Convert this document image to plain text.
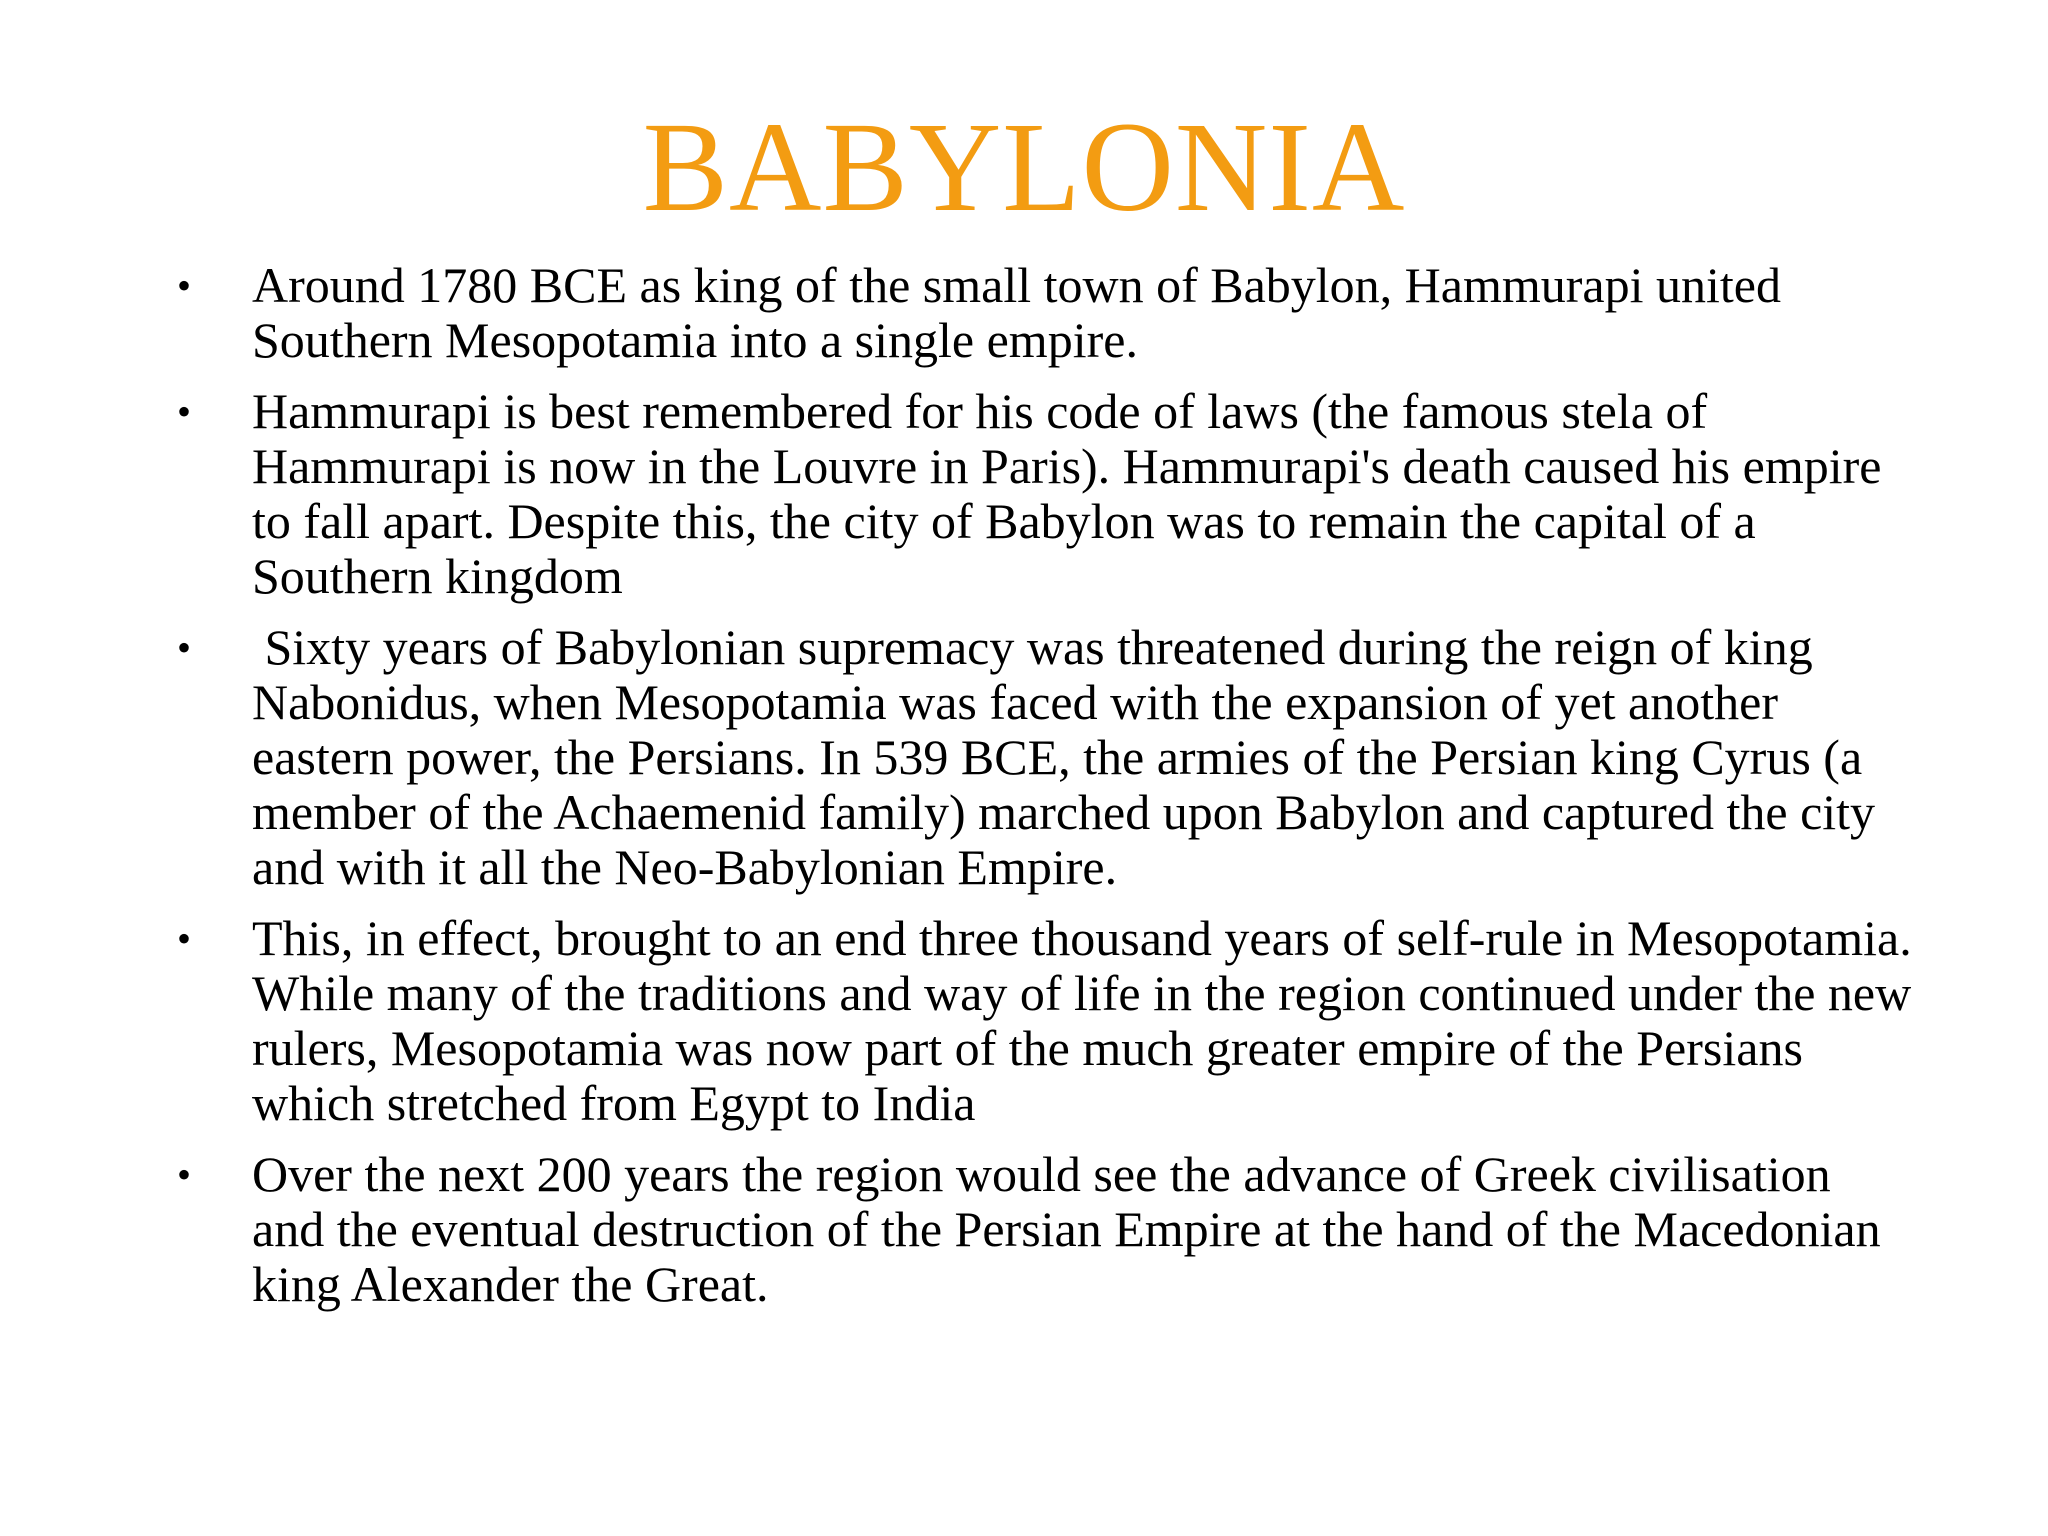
BABYLONIA
• Around 1780 BCE as king of the small town of Babylon, Hammurapi united Southern Mesopotamia into a single empire.
• Hammurapi is best remembered for his code of laws (the famous stela of Hammurapi is now in the Louvre in Paris). Hammurapi's death caused his empire to fall apart. Despite this, the city of Babylon was to remain the capital of a Southern kingdom
• Sixty years of Babylonian supremacy was threatened during the reign of king Nabonidus, when Mesopotamia was faced with the expansion of yet another eastern power, the Persians. In 539 BCE, the armies of the Persian king Cyrus (a member of the Achaemenid family) marched upon Babylon and captured the city and with it all the Neo-Babylonian Empire.
• This, in effect, brought to an end three thousand years of self-rule in Mesopotamia. While many of the traditions and way of life in the region continued under the new rulers, Mesopotamia was now part of the much greater empire of the Persians which stretched from Egypt to India
• Over the next 200 years the region would see the advance of Greek civilisation and the eventual destruction of the Persian Empire at the hand of the Macedonian king Alexander the Great.
